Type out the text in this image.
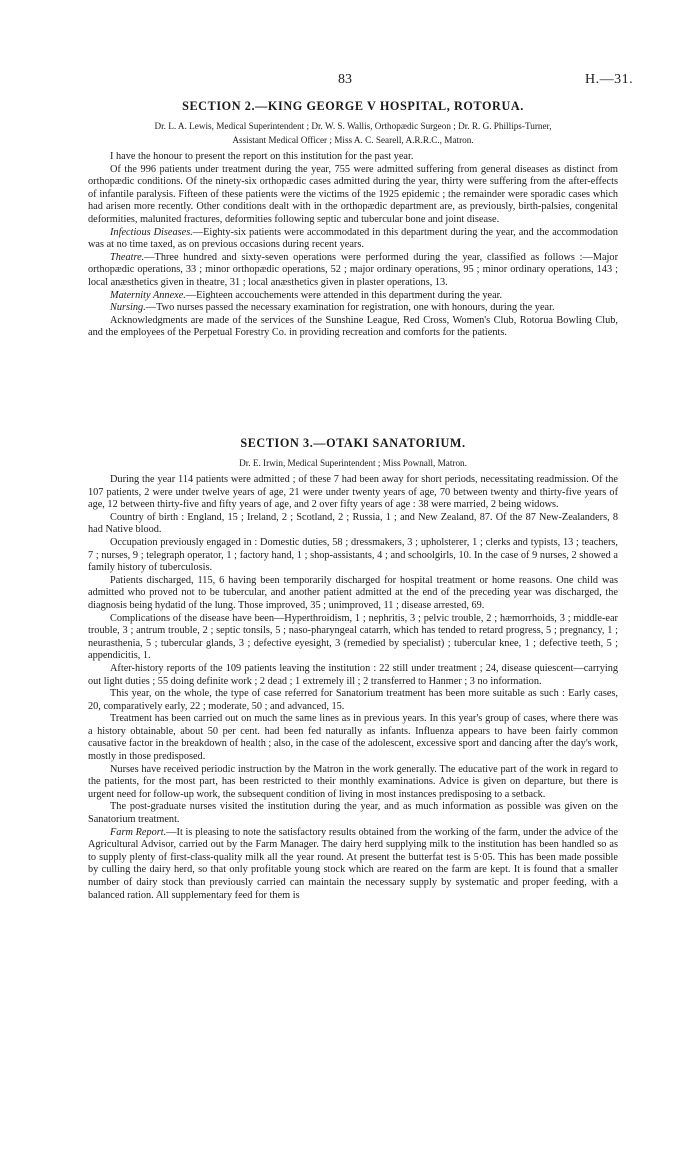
83	H.—31.
SECTION 2.—KING GEORGE V HOSPITAL, ROTORUA.
Dr. L. A. Lewis, Medical Superintendent ; Dr. W. S. Wallis, Orthopædic Surgeon ; Dr. R. G. Phillips-Turner,
Assistant Medical Officer ; Miss A. C. Searell, A.R.R.C., Matron.

I have the honour to present the report on this institution for the past year.

Of the 996 patients under treatment during the year, 755 were admitted suffering from general diseases as distinct from orthopædic conditions. Of the ninety-six orthopædic cases admitted during the year, thirty were suffering from the after-effects of infantile paralysis. Fifteen of these patients were the victims of the 1925 epidemic ; the remainder were sporadic cases which had arisen more recently. Other conditions dealt with in the orthopædic department are, as previously, birth-palsies, congenital deformities, malunited fractures, deformities following septic and tubercular bone and joint disease.

Infectious Diseases.—Eighty-six patients were accommodated in this department during the year, and the accommodation was at no time taxed, as on previous occasions during recent years.

Theatre.—Three hundred and sixty-seven operations were performed during the year, classified as follows :—Major orthopædic operations, 33 ; minor orthopædic operations, 52 ; major ordinary operations, 95 ; minor ordinary operations, 143 ; local anæsthetics given in theatre, 31 ; local anæsthetics given in plaster operations, 13.

Maternity Annexe.—Eighteen accouchements were attended in this department during the year.

Nursing.—Two nurses passed the necessary examination for registration, one with honours, during the year.

Acknowledgments are made of the services of the Sunshine League, Red Cross, Women's Club, Rotorua Bowling Club, and the employees of the Perpetual Forestry Co. in providing recreation and comforts for the patients.

SECTION 3.—OTAKI SANATORIUM.
Dr. E. Irwin, Medical Superintendent ; Miss Pownall, Matron.

During the year 114 patients were admitted ; of these 7 had been away for short periods, necessitating readmission. Of the 107 patients, 2 were under twelve years of age, 21 were under twenty years of age, 70 between twenty and thirty-five years of age, 12 between thirty-five and fifty years of age, and 2 over fifty years of age : 38 were married, 2 being widows.

Country of birth : England, 15 ; Ireland, 2 ; Scotland, 2 ; Russia, 1 ; and New Zealand, 87. Of the 87 New-Zealanders, 8 had Native blood.

Occupation previously engaged in : Domestic duties, 58 ; dressmakers, 3 ; upholsterer, 1 ; clerks and typists, 13 ; teachers, 7 ; nurses, 9 ; telegraph operator, 1 ; factory hand, 1 ; shop-assistants, 4 ; and schoolgirls, 10. In the case of 9 nurses, 2 showed a family history of tuberculosis.

Patients discharged, 115, 6 having been temporarily discharged for hospital treatment or home reasons. One child was admitted who proved not to be tubercular, and another patient admitted at the end of the preceding year was discharged, the diagnosis being hydatid of the lung. Those improved, 35 ; unimproved, 11 ; disease arrested, 69.

Complications of the disease have been—Hyperthroidism, 1 ; nephritis, 3 ; pelvic trouble, 2 ; hæmorrhoids, 3 ; middle-ear trouble, 3 ; antrum trouble, 2 ; septic tonsils, 5 ; naso-pharyngeal catarrh, which has tended to retard progress, 5 ; pregnancy, 1 ; neurasthenia, 5 ; tubercular glands, 3 ; defective eyesight, 3 (remedied by specialist) ; tubercular knee, 1 ; defective teeth, 5 ; appendicitis, 1.

After-history reports of the 109 patients leaving the institution : 22 still under treatment ; 24, disease quiescent—carrying out light duties ; 55 doing definite work ; 2 dead ; 1 extremely ill ; 2 transferred to Hanmer ; 3 no information.

This year, on the whole, the type of case referred for Sanatorium treatment has been more suitable as such : Early cases, 20, comparatively early, 22 ; moderate, 50 ; and advanced, 15.

Treatment has been carried out on much the same lines as in previous years. In this year's group of cases, where there was a history obtainable, about 50 per cent. had been fed naturally as infants. Influenza appears to have been fairly common causative factor in the breakdown of health ; also, in the case of the adolescent, excessive sport and dancing after the day's work, mostly in those predisposed.

Nurses have received periodic instruction by the Matron in the work generally. The educative part of the work in regard to the patients, for the most part, has been restricted to their monthly examinations. Advice is given on departure, but there is urgent need for follow-up work, the subsequent condition of living in most instances predisposing to a setback.

The post-graduate nurses visited the institution during the year, and as much information as possible was given on the Sanatorium treatment.

Farm Report.—It is pleasing to note the satisfactory results obtained from the working of the farm, under the advice of the Agricultural Advisor, carried out by the Farm Manager. The dairy herd supplying milk to the institution has been handled so as to supply plenty of first-class-quality milk all the year round. At present the butterfat test is 5·05. This has been made possible by culling the dairy herd, so that only profitable young stock which are reared on the farm are kept. It is found that a smaller number of dairy stock than previously carried can maintain the necessary supply by systematic and proper feeding, with a balanced ration. All supplementary feed for them is
